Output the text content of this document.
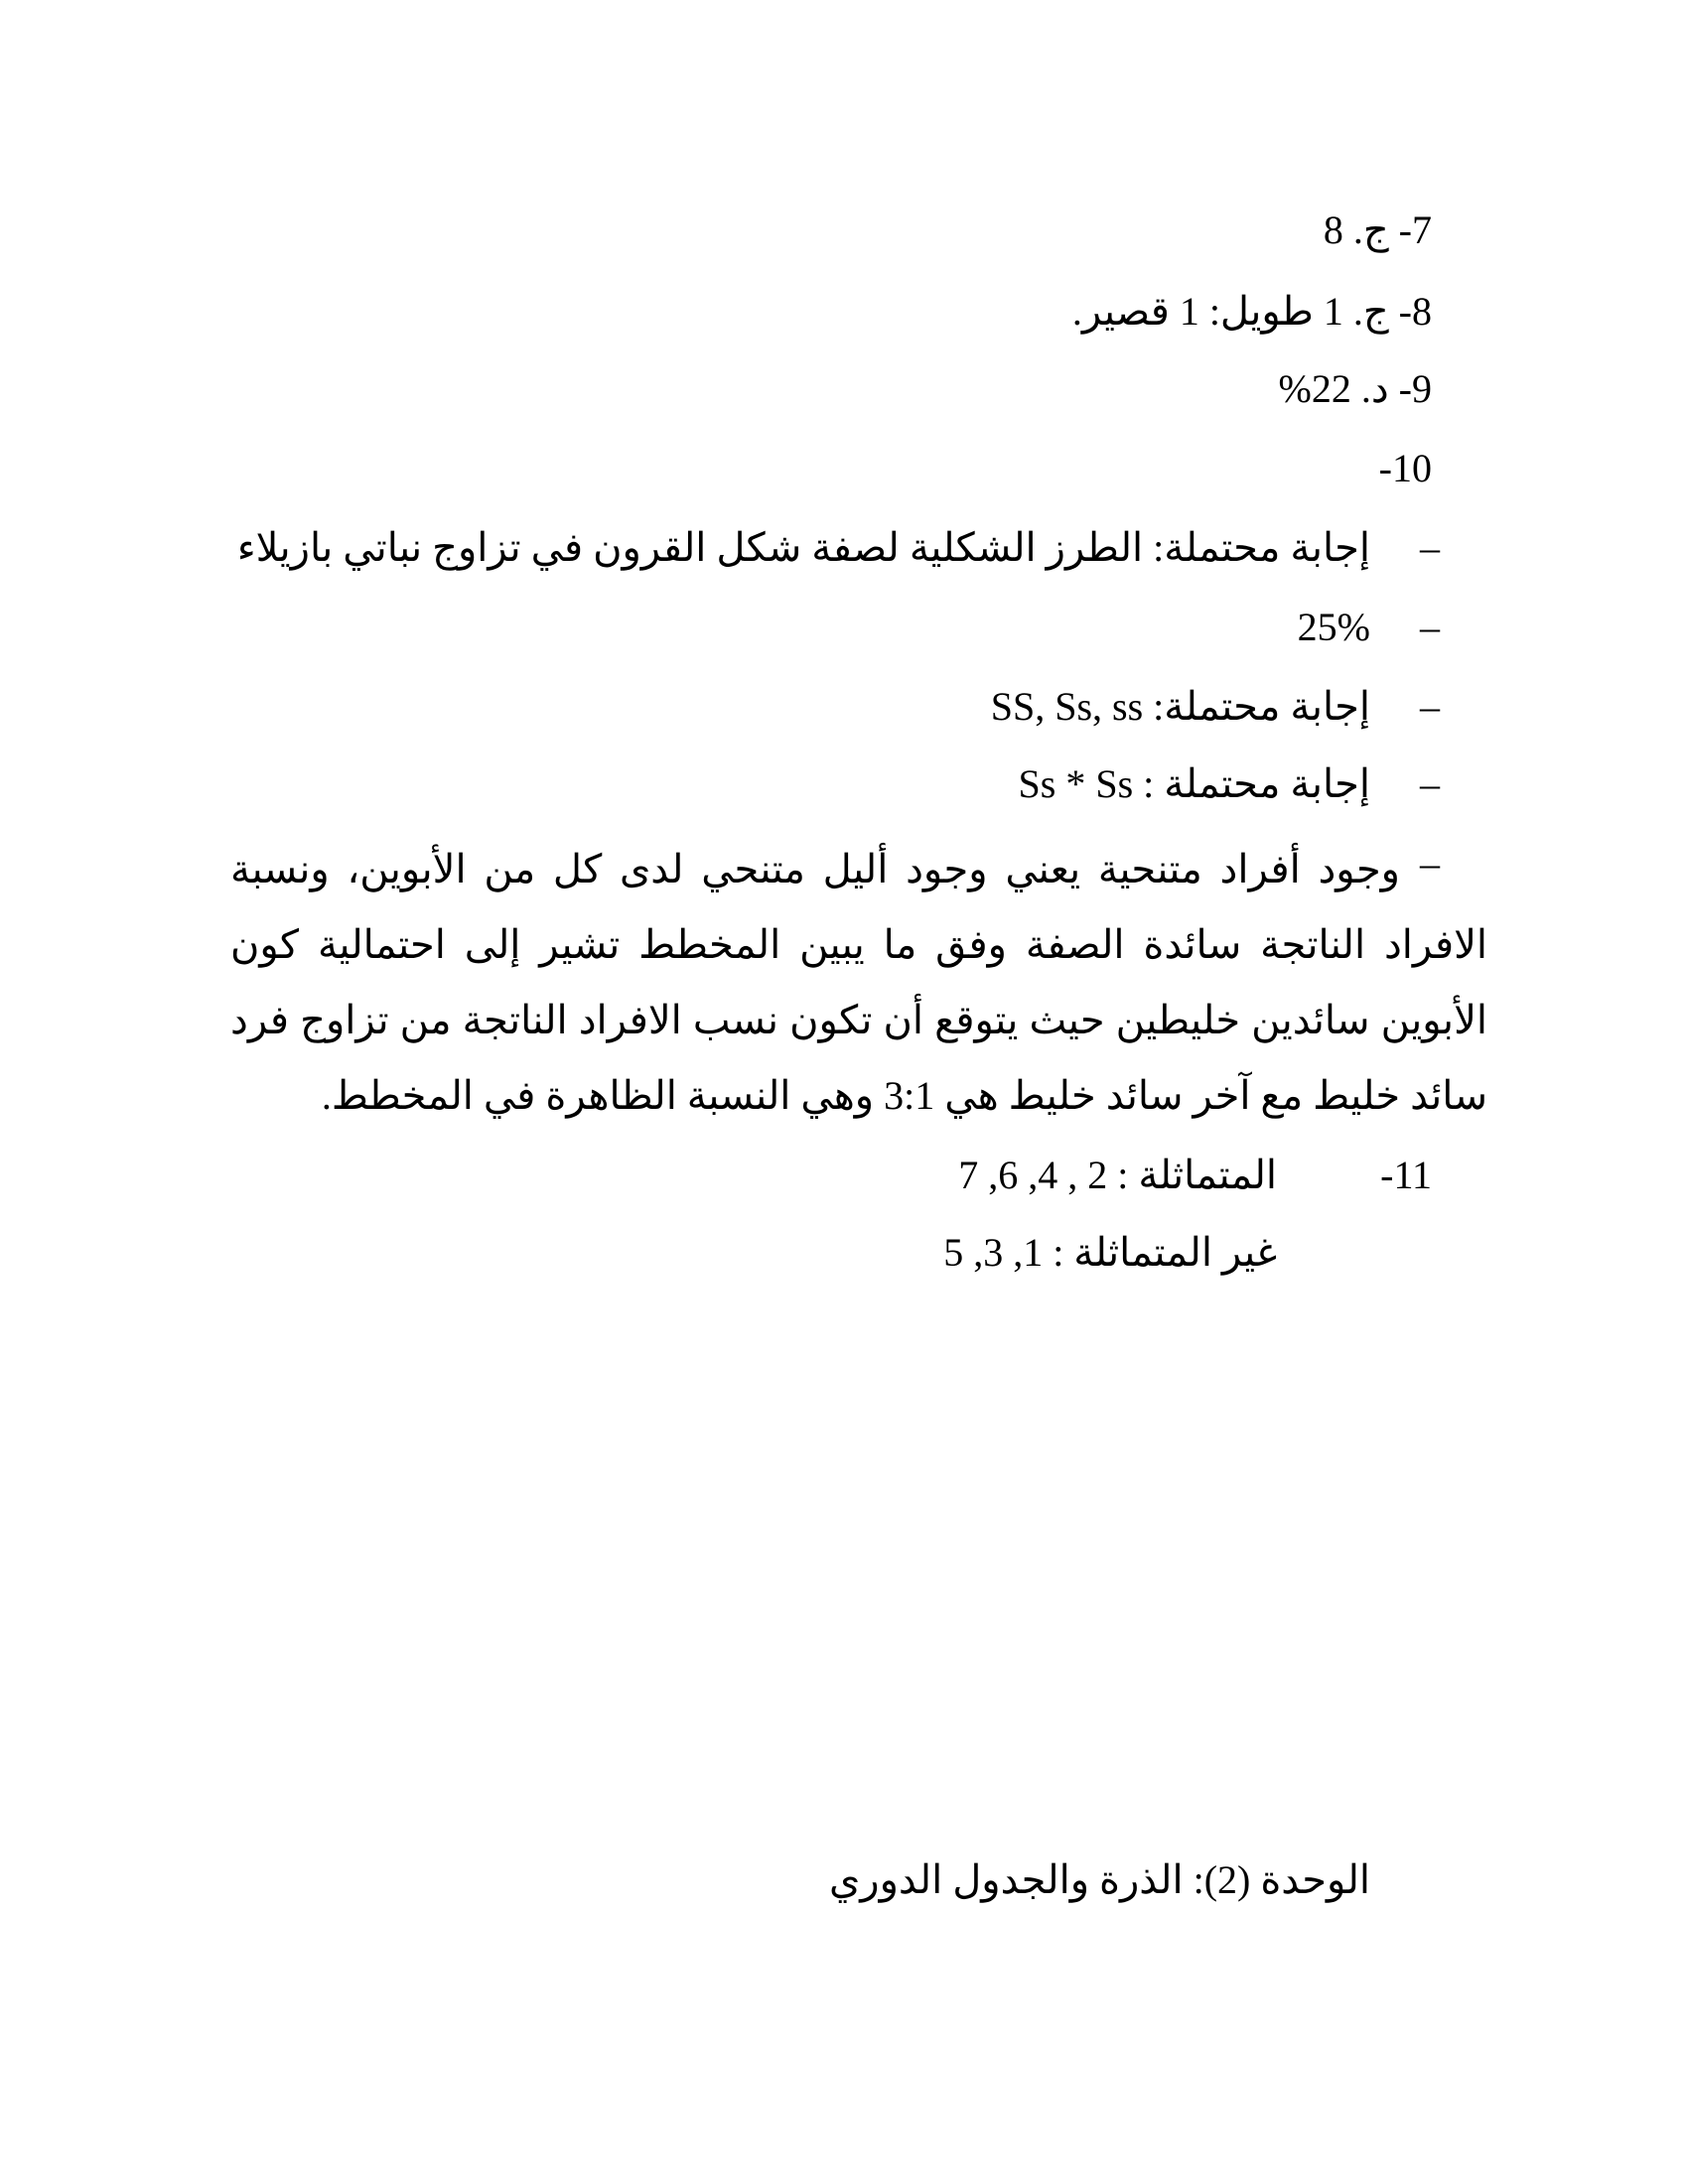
7- ج. 8
8- ج. 1 طويل: 1 قصير.
9- د. 22%
10-
–
إجابة محتملة: الطرز الشكلية لصفة شكل القرون في تزاوج نباتي بازيلاء
–
25%
–
إجابة محتملة: SS, Ss, ss
–
إجابة محتملة : Ss * Ss
–
وجود أفراد متنحية يعني وجود أليل متنحي لدى كل من الأبوين، ونسبة الافراد الناتجة سائدة الصفة وفق ما يبين المخطط تشير إلى احتمالية كون الأبوين سائدين خليطين حيث يتوقع أن تكون نسب الافراد الناتجة من تزاوج فرد سائد خليط مع آخر سائد خليط هي 3:1 وهي النسبة الظاهرة في المخطط.
11-
المتماثلة : 2 , 4, 6, 7
غير المتماثلة : 1, 3, 5
الوحدة (2): الذرة والجدول الدوري
